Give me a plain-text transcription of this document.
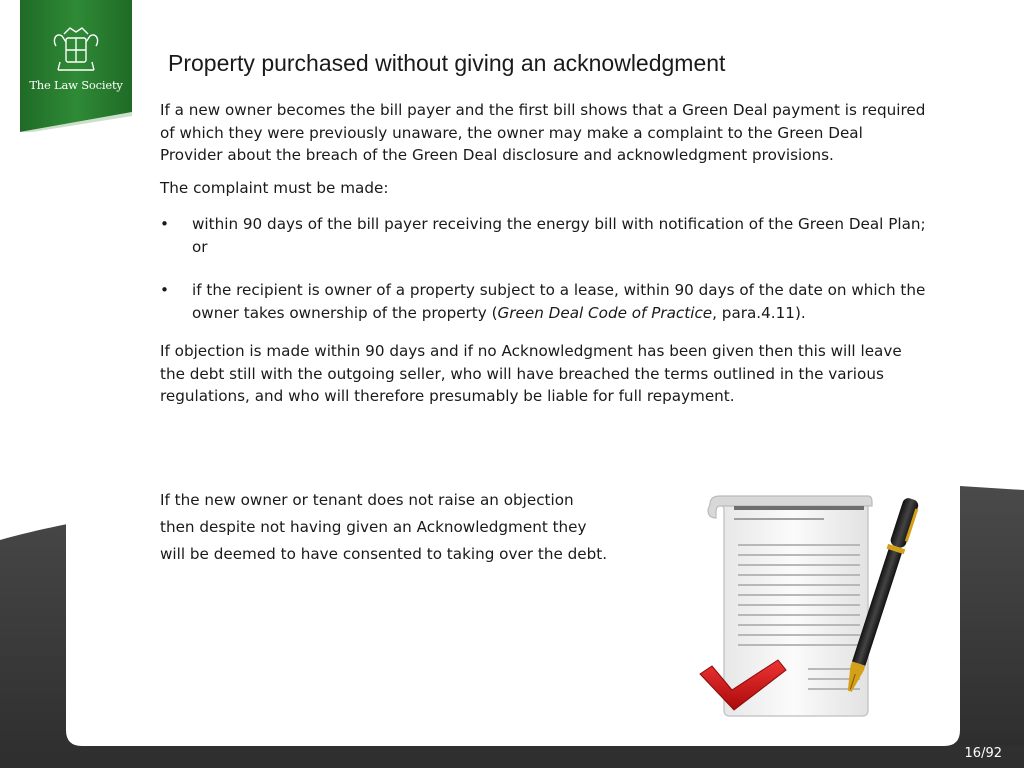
The Law Society
Property purchased without giving an acknowledgment

If a new owner becomes the bill payer and the first bill shows that a Green Deal payment is required of which they were previously unaware, the owner may make a complaint to the Green Deal Provider about the breach of the Green Deal disclosure and acknowledgment provisions.

The complaint must be made:

• within 90 days of the bill payer receiving the energy bill with notification of the Green Deal Plan; or
• if the recipient is owner of a property subject to a lease, within 90 days of the date on which the owner takes ownership of the property (Green Deal Code of Practice, para.4.11).

If objection is made within 90 days and if no Acknowledgment has been given then this will leave the debt still with the outgoing seller, who will have breached the terms outlined in the various regulations, and who will therefore presumably be liable for full repayment.

If the new owner or tenant does not raise an objection
then despite not having given an Acknowledgment they
will be deemed to have consented to taking over the debt.
16/92
